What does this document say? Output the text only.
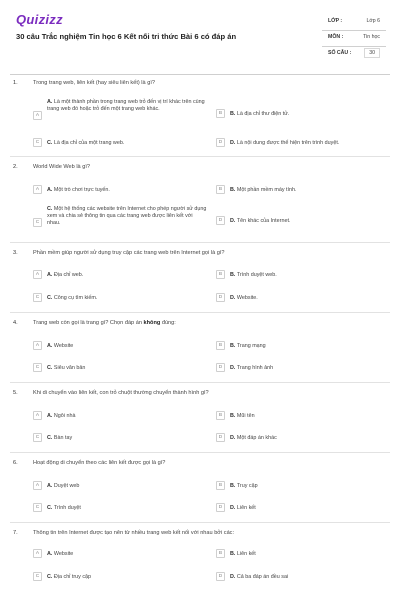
Quizizz
30 câu Trắc nghiệm Tin học 6 Kết nối tri thức Bài 6 có đáp án
LỚP :	Lớp 6
MÔN :	Tin học
SỐ CÂU :	30
1.	Trong trang web, liên kết (hay siêu liên kết) là gì?
A
A. Là một thành phần trong trang web trỏ đến vị trí khác trên cùng trang web đó hoặc trỏ đến một trang web khác.
B	B. Là địa chỉ thư điện tử.
C	C. Là địa chỉ của một trang web.	D	D. Là nội dung được thể hiện trên trình duyệt.
2.	World Wide Web là gì?
A	A. Một trò chơi trực tuyến.	B	B. Một phần mềm máy tính.
C
C. Một hệ thống các website trên Internet cho phép người sử dụng xem và chia sẻ thông tin qua các trang web được liên kết với nhau.	D	D. Tên khác của Internet.
3.	Phần mềm giúp người sử dụng truy cập các trang web trên Internet gọi là gì?
A	A. Địa chỉ web.	B	B. Trình duyệt web.
C	C. Công cụ tìm kiếm.	D	D. Website.
4.	Trang web còn gọi là trang gì? Chọn đáp án không đúng:
A	A. Website	B	B. Trang mạng
C	C. Siêu văn bản	D	D. Trang hình ảnh
5.	Khi di chuyển vào liên kết, con trỏ chuột thường chuyển thành hình gì?
A	A. Ngôi nhà	B	B. Mũi tên
C	C. Bàn tay	D	D. Một đáp án khác
6.	Hoạt động di chuyển theo các liên kết được gọi là gì?
A	A. Duyệt web	B	B. Truy cập
C	C. Trình duyệt	D	D. Liên kết
7.	Thông tin trên Internet được tạo nên từ nhiều trang web kết nối với nhau bởi các:
A	A. Website	B	B. Liên kết
C	C. Địa chỉ truy cập	D	D. Cả ba đáp án đều sai
